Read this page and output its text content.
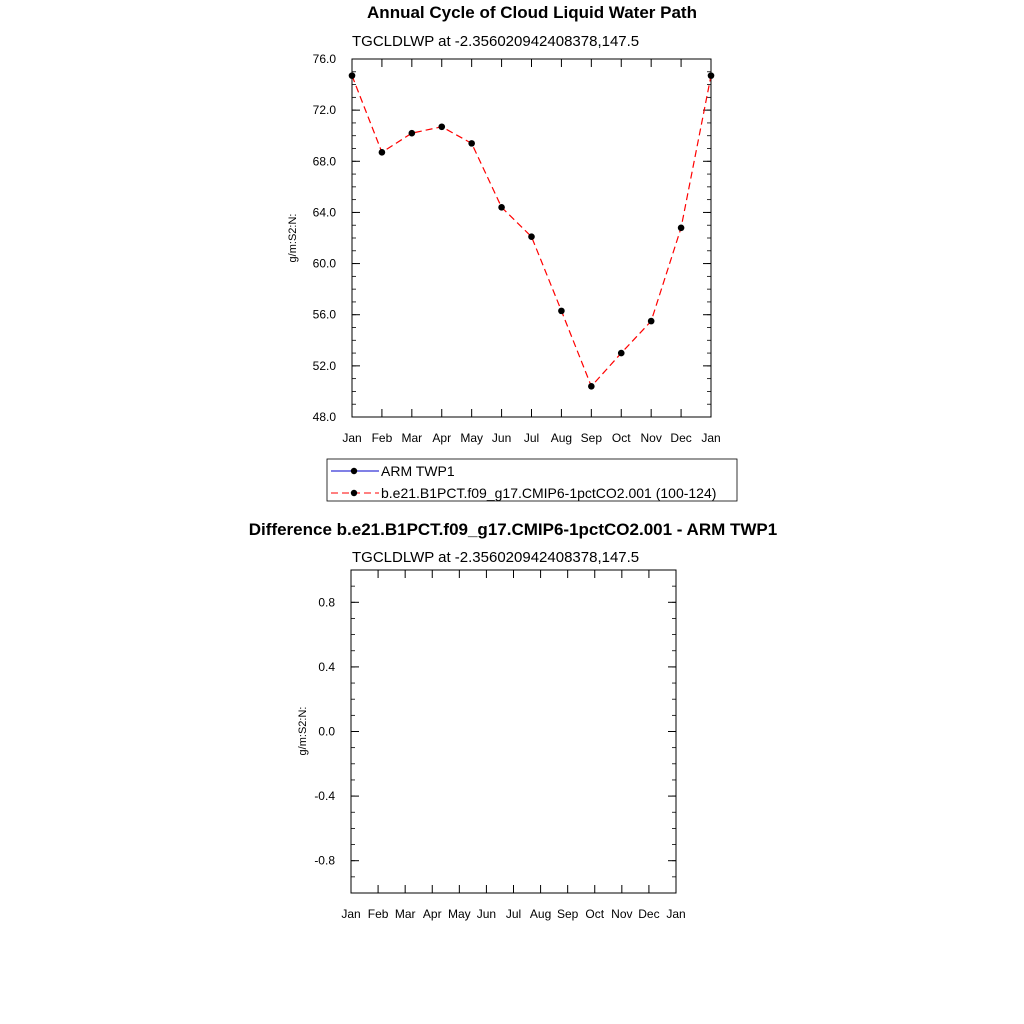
Annual Cycle of Cloud Liquid Water Path
TGCLDLWP at -2.356020942408378,147.5
g/m:S2:N:
Jan Feb Mar Apr May Jun Jul Aug Sep Oct Nov Dec Jan
48.0
52.0
56.0
60.0
64.0
68.0
72.0
76.0
ARM TWP1
b.e21.B1PCT.f09_g17.CMIP6-1pctCO2.001 (100-124)
Difference b.e21.B1PCT.f09_g17.CMIP6-1pctCO2.001 - ARM TWP1
TGCLDLWP at -2.356020942408378,147.5
g/m:S2:N:
Jan Feb Mar Apr May Jun Jul Aug Sep Oct Nov Dec Jan
-0.8
-0.4
0.0
0.4
0.8
